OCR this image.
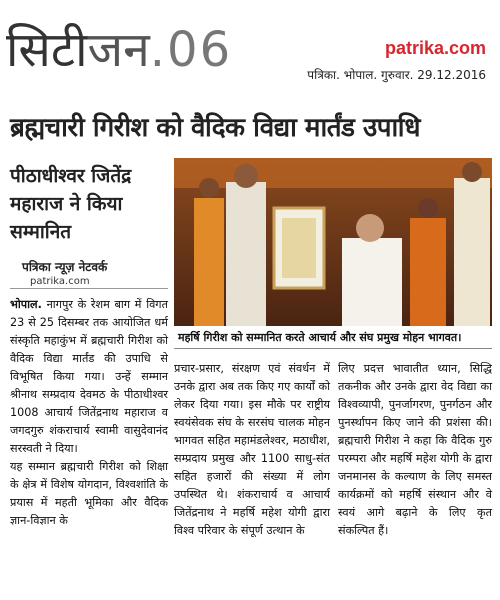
सिटीजन.06	patrika.com
पत्रिका. भोपाल. गुरुवार. 29.12.2016
ब्रह्मचारी गिरीश को वैदिक विद्या मार्तंड उपाधि
पीठाधीश्वर जितेंद्र महाराज ने किया सम्मानित
पत्रिका न्यूज़ नेटवर्क
patrika.com
महर्षि गिरीश को सम्मानित करते आचार्य और संघ प्रमुख मोहन भागवत।

भोपाल. नागपुर के रेशम बाग में विगत 23 से 25 दिसम्बर तक आयोजित धर्म संस्कृति महाकुंभ में ब्रह्मचारी गिरीश को वैदिक विद्या मार्तंड की उपाधि से विभूषित किया गया। उन्हें सम्मान श्रीनाथ सम्प्रदाय देवमठ के पीठाधीश्वर 1008 आचार्य जितेंद्रनाथ महाराज व जगदगुरु शंकराचार्य स्वामी वासुदेवानंद सरस्वती ने दिया।

यह सम्मान ब्रह्मचारी गिरीश को शिक्षा के क्षेत्र में विशेष योगदान, विश्वशांति के प्रयास में महती भूमिका और वैदिक ज्ञान-विज्ञान के

प्रचार-प्रसार, संरक्षण एवं संवर्धन में उनके द्वारा अब तक किए गए कार्यों को लेकर दिया गया। इस मौके पर राष्ट्रीय स्वयंसेवक संघ के सरसंघ चालक मोहन भागवत सहित महामंडलेश्वर, मठाधीश, सम्प्रदाय प्रमुख और 1100 साधु-संत सहित हजारों की संख्या में लोग उपस्थित थे। शंकराचार्य व आचार्य जितेंद्रनाथ ने महर्षि महेश योगी द्वारा विश्व परिवार के संपूर्ण उत्थान के

लिए प्रदत्त भावातीत ध्यान, सिद्धि तकनीक और उनके द्वारा वेद विद्या का विश्वव्यापी, पुनर्जागरण, पुनर्गठन और पुनर्स्थापन किए जाने की प्रशंसा की। ब्रह्मचारी गिरीश ने कहा कि वैदिक गुरु परम्परा और महर्षि महेश योगी के द्वारा जनमानस के कल्याण के लिए समस्त कार्यक्रमों को महर्षि संस्थान और वे स्वयं आगे बढ़ाने के लिए कृत संकल्पित हैं।
